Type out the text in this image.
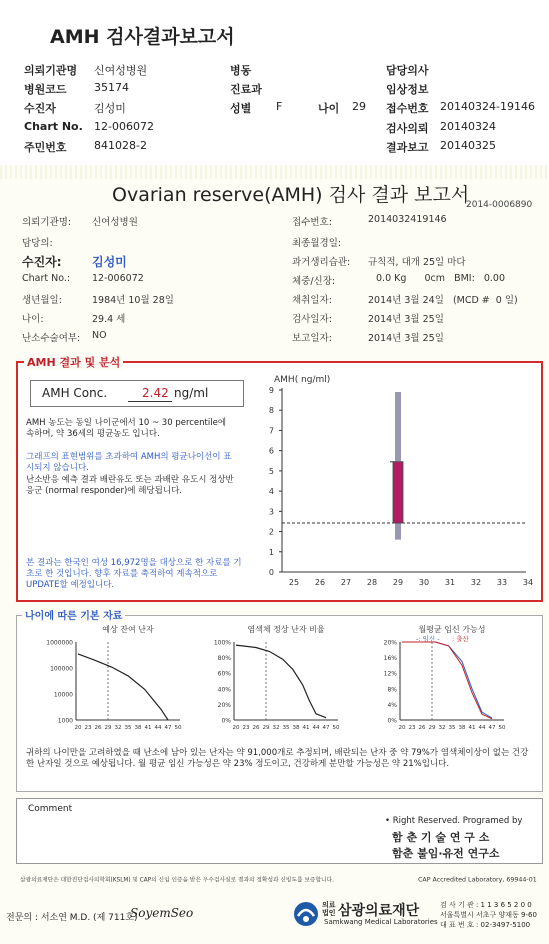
AMH 검사결과보고서
의뢰기관명 신여성병원
병원코드 35174
수진자	김성미
Chart No. 12-006072
주민번호 841028-2
병동
진료과
성별 F	나이 29
담당의사
임상정보
접수번호 20140324-19146
검사의뢰 20140324
결과보고 20140325
Ovarian reserve(AMH) 검사 결과 보고서
2014-0006890
의뢰기관명: 신여성병원
담당의:
수진자:	김성미
Chart No.: 12-006072
생년월일:	1984년 10월 28일
나이:	29.4 세
난소수술여부: NO
접수번호:	2014032419146
최종월경일:
과거생리습관: 규칙적, 대개 25일 마다
체중/신장:	0.0 Kg      0cm   BMI:   0.00
채취일자:	2014년 3월 24일   (MCD #  0 일)
검사일자:	2014년 3월 25일
보고일자:	2014년 3월 25일
AMH 결과 및 분석
AMH Conc.	2.42 ng/ml
AMH 농도는 동일 나이군에서 10 ~ 30 percentile에 속하며, 약 36세의 평균농도 입니다.
그래프의 표현범위를 초과하여 AMH의 평균나이선이 표시되지 않습니다.
난소반응 예측 결과 배란유도 또는 과배란 유도시 정상반응군 (normal responder)에 해당됩니다.
본 결과는 한국인 여성 16,972명을 대상으로 한 자료를 기초로 한 것입니다. 향후 자료를 축적하여 계속적으로 UPDATE할 예정입니다.
AMH( ng/ml)
0
1
2
3
4
5
6
7
8
9
25 26 27 28 29 30 31 32 33 34
나이에 따른 기본 자료
예상 잔여 난자
1000
10000
100000
1000000
20 23 26 29 32 35 38 41 44 47 50
염색체 정상 난자 비율
0%
20%
40%
60%
80%
100%
20 23 26 29 32 35 38 41 44 47 50
월평균 임신 가능성
0%
4%
8%
12%
16%
20%
20 23 26 29 32 35 38 41 44 47 50
-: 임신 - : 출산
귀하의 나이만을 고려하였을 때 난소에 남아 있는 난자는 약 91,000개로 추정되며, 배란되는 난자 중 약 79%가 염색체이상이 없는 건강한 난자일 것으로 예상됩니다. 월 평균 임신 가능성은 약 23% 정도이고, 건강하게 분만할 가능성은 약 21%입니다.
Comment
• Right Reserved. Programed by
함 춘 기 술 연 구 소
함춘 불임·유전 연구소
삼광의료재단은 대한진단검사의학회(KSLM) 및 CAP의 신임 인증을 받은 우수검사실로 결과의 정확성과 신빙도를 보증합니다.	CAP Accredited Laboratory, 69944-01
전문의 : 서소연 M.D. (제 711호)
SoyemSeo
의료법인 삼광의료재단
Samkwang Medical Laboratories
검 사 기 관 : 1 1 3 6 5 2 0 0
서울특별시 서초구 양재동 9-60
대 표 번 호 : 02-3497-5100
